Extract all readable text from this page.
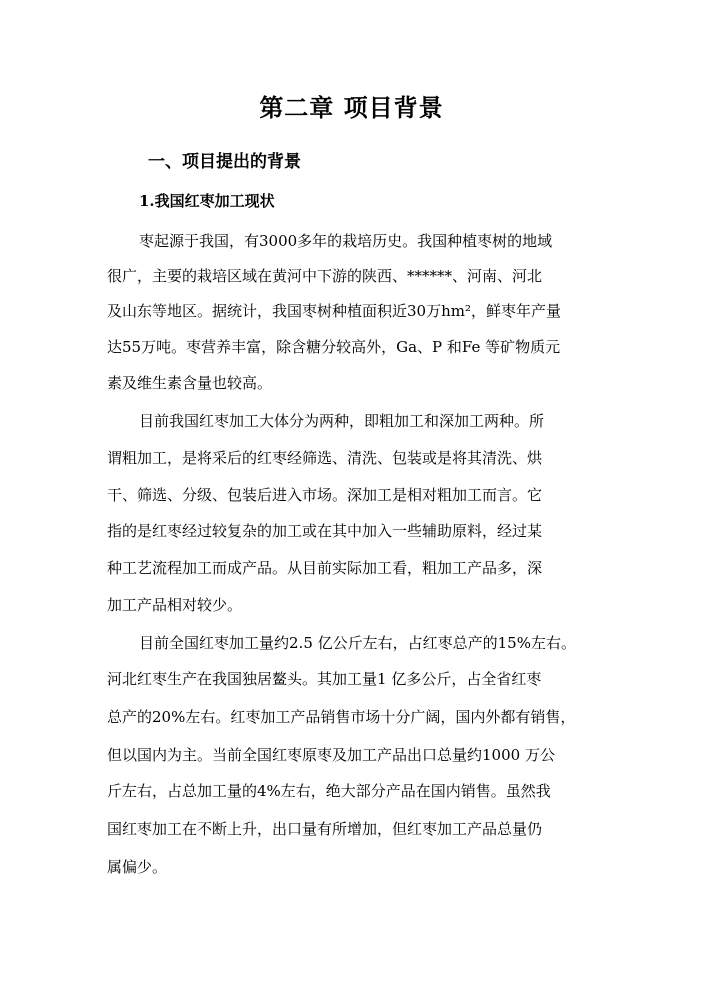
第二章 项目背景
一、项目提出的背景
1.我国红枣加工现状

枣起源于我国，有3000多年的栽培历史。我国种植枣树的地域

很广，主要的栽培区域在黄河中下游的陕西、******、河南、河北

及山东等地区。据统计，我国枣树种植面积近30万hm²，鲜枣年产量

达55万吨。枣营养丰富，除含糖分较高外，Ga、P 和Fe 等矿物质元

素及维生素含量也较高。

目前我国红枣加工大体分为两种，即粗加工和深加工两种。所

谓粗加工，是将采后的红枣经筛选、清洗、包装或是将其清洗、烘

干、筛选、分级、包装后进入市场。深加工是相对粗加工而言。它

指的是红枣经过较复杂的加工或在其中加入一些辅助原料，经过某

种工艺流程加工而成产品。从目前实际加工看，粗加工产品多，深

加工产品相对较少。

目前全国红枣加工量约2.5 亿公斤左右，占红枣总产的15%左右。

河北红枣生产在我国独居鳌头。其加工量1 亿多公斤，占全省红枣

总产的20%左右。红枣加工产品销售市场十分广阔，国内外都有销售，

但以国内为主。当前全国红枣原枣及加工产品出口总量约1000 万公

斤左右，占总加工量的4%左右，绝大部分产品在国内销售。虽然我

国红枣加工在不断上升，出口量有所增加，但红枣加工产品总量仍

属偏少。
